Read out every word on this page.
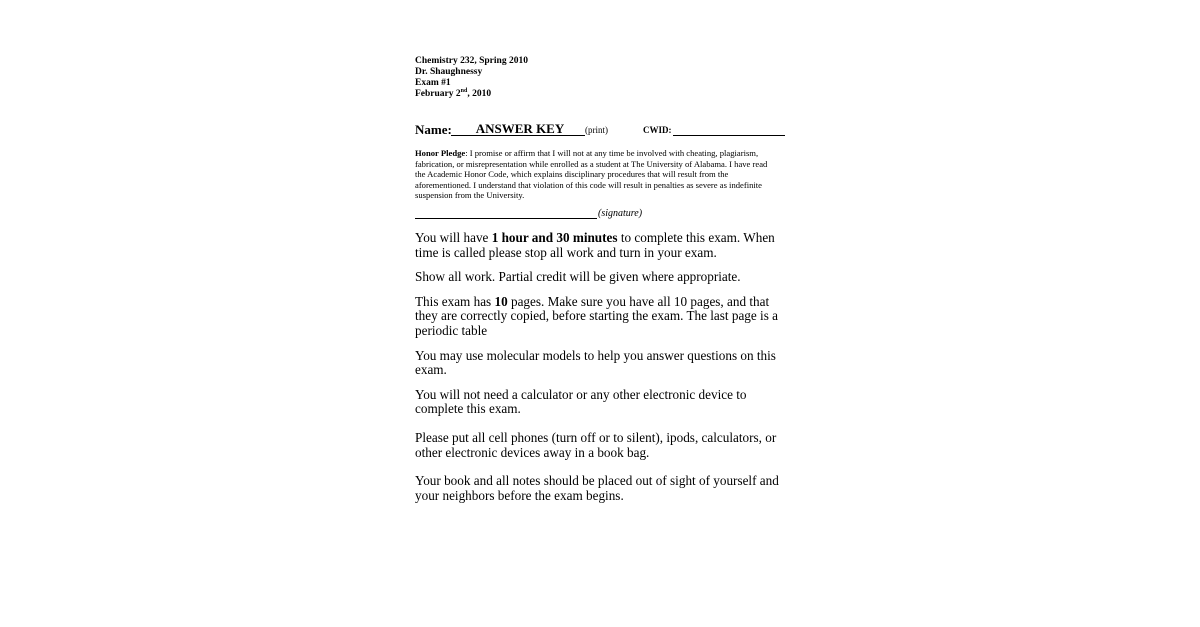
Chemistry 232, Spring 2010
Dr. Shaughnessy
Exam #1
February 2nd, 2010
Name:	ANSWER KEY	(print)	CWID:
Honor Pledge: I promise or affirm that I will not at any time be involved with cheating, plagiarism, fabrication, or misrepresentation while enrolled as a student at The University of Alabama. I have read the Academic Honor Code, which explains disciplinary procedures that will result from the aforementioned. I understand that violation of this code will result in penalties as severe as indefinite suspension from the University.
(signature)

You will have 1 hour and 30 minutes to complete this exam. When time is called please stop all work and turn in your exam.

Show all work. Partial credit will be given where appropriate.

This exam has 10 pages. Make sure you have all 10 pages, and that they are correctly copied, before starting the exam. The last page is a periodic table

You may use molecular models to help you answer questions on this exam.

You will not need a calculator or any other electronic device to complete this exam.

Please put all cell phones (turn off or to silent), ipods, calculators, or other electronic devices away in a book bag.

Your book and all notes should be placed out of sight of yourself and your neighbors before the exam begins.
